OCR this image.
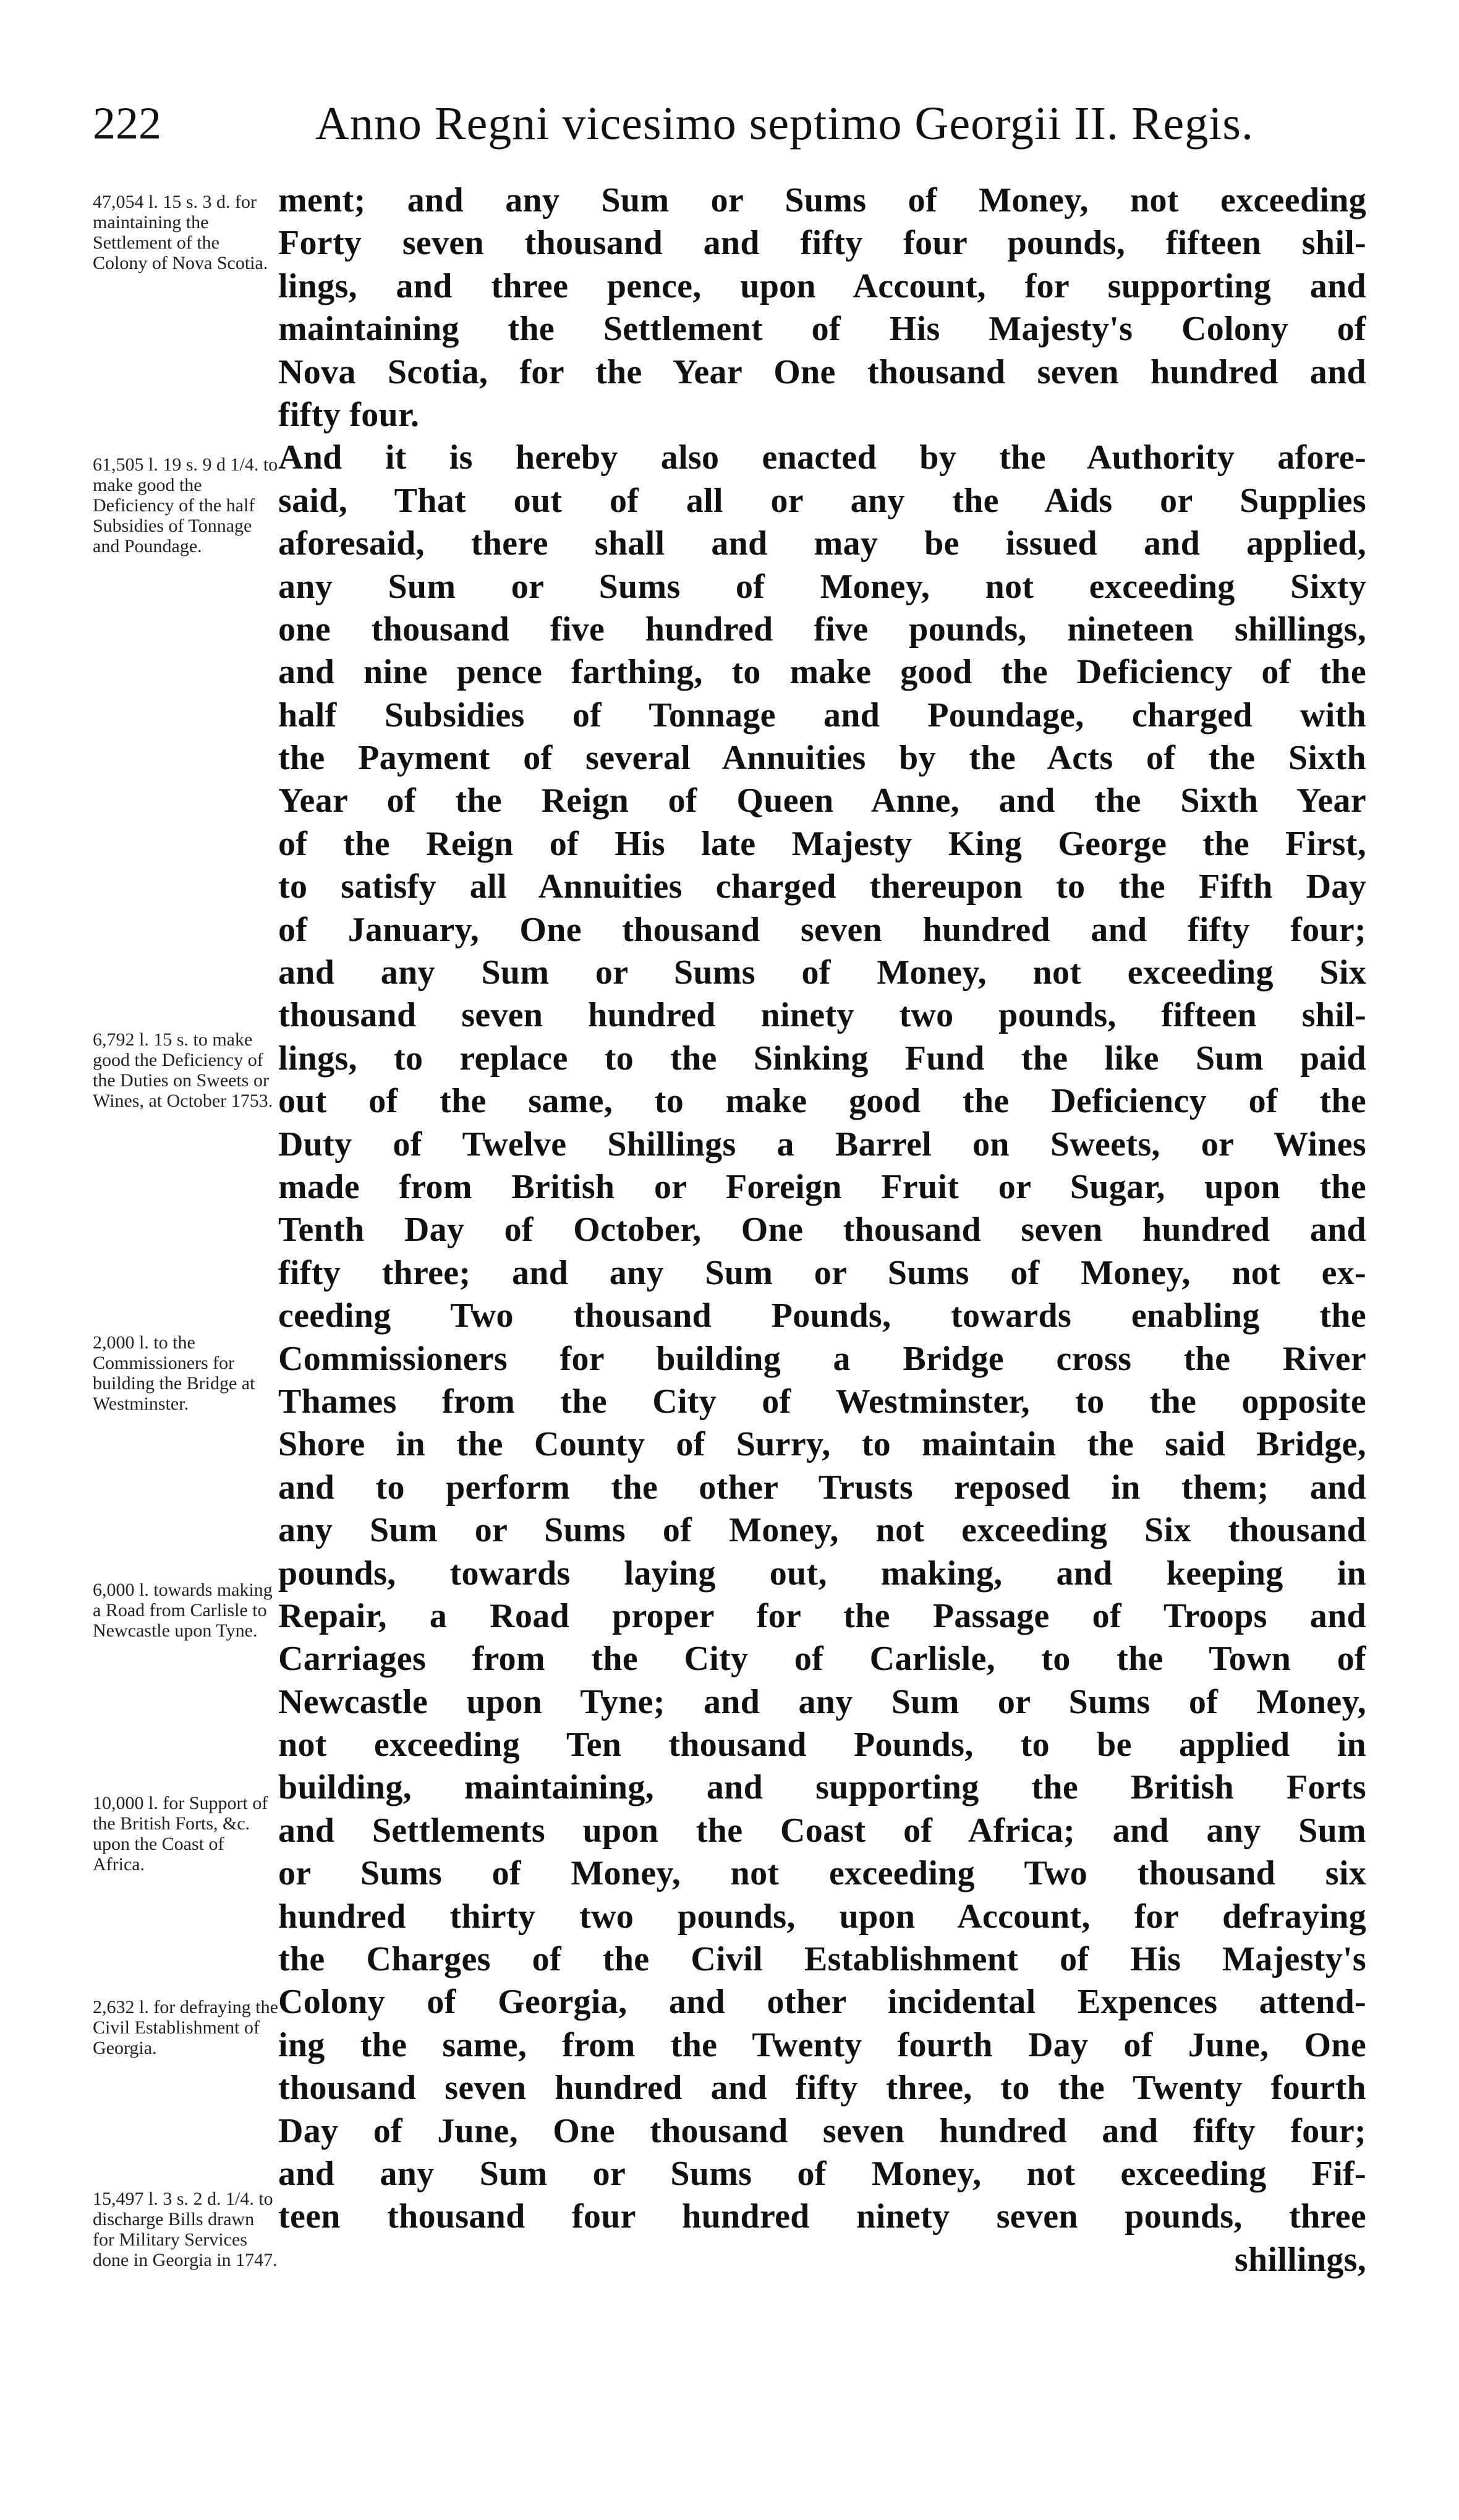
222	Anno Regni vicesimo septimo Georgii II. Regis.
47,054 l. 15 s. 3 d. for maintaining the Settlement of the Colony of Nova Scotia.
61,505 l. 19 s. 9 d 1/4. to make good the Deficiency of the half Subsidies of Tonnage and Poundage.
6,792 l. 15 s. to make good the Deficiency of the Duties on Sweets or Wines, at October 1753.
2,000 l. to the Commissioners for building the Bridge at Westminster.
6,000 l. towards making a Road from Carlisle to Newcastle upon Tyne.
10,000 l. for Support of the British Forts, &c. upon the Coast of Africa.
2,632 l. for defraying the Civil Establishment of Georgia.
15,497 l. 3 s. 2 d. 1/4. to discharge Bills drawn for Military Services done in Georgia in 1747.
ment; and any Sum or Sums of Money, not exceeding
Forty seven thousand and fifty four pounds, fifteen shil-
lings, and three pence, upon Account, for supporting and
maintaining the Settlement of His Majesty's Colony of
Nova Scotia, for the Year One thousand seven hundred and
fifty four.
And it is hereby also enacted by the Authority afore-
said, That out of all or any the Aids or Supplies
aforesaid, there shall and may be issued and applied,
any Sum or Sums of Money, not exceeding Sixty
one thousand five hundred five pounds, nineteen shillings,
and nine pence farthing, to make good the Deficiency of the
half Subsidies of Tonnage and Poundage, charged with
the Payment of several Annuities by the Acts of the Sixth
Year of the Reign of Queen Anne, and the Sixth Year
of the Reign of His late Majesty King George the First,
to satisfy all Annuities charged thereupon to the Fifth Day
of January, One thousand seven hundred and fifty four;
and any Sum or Sums of Money, not exceeding Six
thousand seven hundred ninety two pounds, fifteen shil-
lings, to replace to the Sinking Fund the like Sum paid
out of the same, to make good the Deficiency of the
Duty of Twelve Shillings a Barrel on Sweets, or Wines
made from British or Foreign Fruit or Sugar, upon the
Tenth Day of October, One thousand seven hundred and
fifty three; and any Sum or Sums of Money, not ex-
ceeding Two thousand Pounds, towards enabling the
Commissioners for building a Bridge cross the River
Thames from the City of Westminster, to the opposite
Shore in the County of Surry, to maintain the said Bridge,
and to perform the other Trusts reposed in them; and
any Sum or Sums of Money, not exceeding Six thousand
pounds, towards laying out, making, and keeping in
Repair, a Road proper for the Passage of Troops and
Carriages from the City of Carlisle, to the Town of
Newcastle upon Tyne; and any Sum or Sums of Money,
not exceeding Ten thousand Pounds, to be applied in
building, maintaining, and supporting the British Forts
and Settlements upon the Coast of Africa; and any Sum
or Sums of Money, not exceeding Two thousand six
hundred thirty two pounds, upon Account, for defraying
the Charges of the Civil Establishment of His Majesty's
Colony of Georgia, and other incidental Expences attend-
ing the same, from the Twenty fourth Day of June, One
thousand seven hundred and fifty three, to the Twenty fourth
Day of June, One thousand seven hundred and fifty four;
and any Sum or Sums of Money, not exceeding Fif-
teen thousand four hundred ninety seven pounds, three
shillings,
